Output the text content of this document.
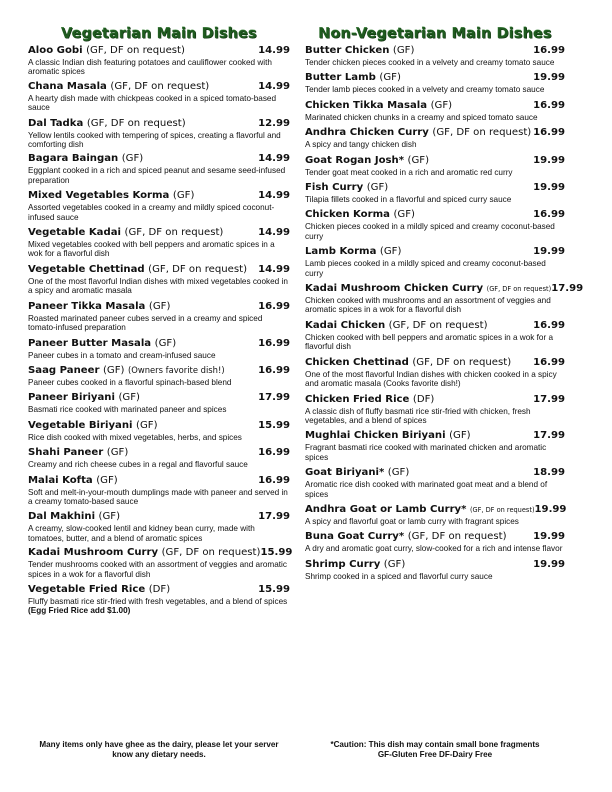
Vegetarian Main Dishes
Aloo Gobi (GF, DF on request)	14.99
A classic Indian dish featuring potatoes and cauliflower cooked with aromatic spices
Chana Masala (GF, DF on request)	14.99
A hearty dish made with chickpeas cooked in a spiced tomato-based sauce
Dal Tadka (GF, DF on request)	12.99
Yellow lentils cooked with tempering of spices, creating a flavorful and comforting dish
Bagara Baingan (GF)	14.99
Eggplant cooked in a rich and spiced peanut and sesame seed-infused preparation
Mixed Vegetables Korma (GF)	14.99
Assorted vegetables cooked in a creamy and mildly spiced coconut-infused sauce
Vegetable Kadai (GF, DF on request)	14.99
Mixed vegetables cooked with bell peppers and aromatic spices in a wok for a flavorful dish
Vegetable Chettinad (GF, DF on request) 14.99
One of the most flavorful Indian dishes with mixed vegetables cooked in a spicy and aromatic masala
Paneer Tikka Masala (GF)	16.99
Roasted marinated paneer cubes served in a creamy and spiced tomato-infused preparation
Paneer Butter Masala (GF)	16.99
Paneer cubes in a tomato and cream-infused sauce
Saag Paneer (GF) (Owners favorite dish!)	16.99
Paneer cubes cooked in a flavorful spinach-based blend
Paneer Biriyani (GF)	17.99
Basmati rice cooked with marinated paneer and spices
Vegetable Biriyani (GF)	15.99
Rice dish cooked with mixed vegetables, herbs, and spices
Shahi Paneer (GF)	16.99
Creamy and rich cheese cubes in a regal and flavorful sauce
Malai Kofta (GF)	16.99
Soft and melt-in-your-mouth dumplings made with paneer and served in a creamy tomato-based sauce
Dal Makhini (GF)	17.99
A creamy, slow-cooked lentil and kidney bean curry, made with tomatoes, butter, and a blend of aromatic spices
Kadai Mushroom Curry (GF, DF on request) 15.99
Tender mushrooms cooked with an assortment of veggies and aromatic spices in a wok for a flavorful dish
Vegetable Fried Rice (DF)	15.99
Fluffy basmati rice stir-fried with fresh vegetables, and a blend of spices (Egg Fried Rice add $1.00)
Non-Vegetarian Main Dishes
Butter Chicken (GF)	16.99
Tender chicken pieces cooked in a velvety and creamy tomato sauce
Butter Lamb (GF)	19.99
Tender lamb pieces cooked in a velvety and creamy tomato sauce
Chicken Tikka Masala (GF)	16.99
Marinated chicken chunks in a creamy and spiced tomato sauce
Andhra Chicken Curry (GF, DF on request) 16.99
A spicy and tangy chicken dish
Goat Rogan Josh* (GF)	19.99
Tender goat meat cooked in a rich and aromatic red curry
Fish Curry (GF)	19.99
Tilapia fillets cooked in a flavorful and spiced curry sauce
Chicken Korma (GF)	16.99
Chicken pieces cooked in a mildly spiced and creamy coconut-based curry
Lamb Korma (GF)	19.99
Lamb pieces cooked in a mildly spiced and creamy coconut-based curry
Kadai Mushroom Chicken Curry (GF, DF on request) 17.99
Chicken cooked with mushrooms and an assortment of veggies and aromatic spices in a wok for a flavorful dish
Kadai Chicken (GF, DF on request)	16.99
Chicken cooked with bell peppers and aromatic spices in a wok for a flavorful dish
Chicken Chettinad (GF, DF on request) 16.99
One of the most flavorful Indian dishes with chicken cooked in a spicy and aromatic masala (Cooks favorite dish!)
Chicken Fried Rice (DF)	17.99
A classic dish of fluffy basmati rice stir-fried with chicken, fresh vegetables, and a blend of spices
Mughlai Chicken Biriyani (GF)	17.99
Fragrant basmati rice cooked with marinated chicken and aromatic spices
Goat Biriyani* (GF)	18.99
Aromatic rice dish cooked with marinated goat meat and a blend of spices
Andhra Goat or Lamb Curry* (GF, DF on request) 19.99
A spicy and flavorful goat or lamb curry with fragrant spices
Buna Goat Curry* (GF, DF on request)	19.99
A dry and aromatic goat curry, slow-cooked for a rich and intense flavor
Shrimp Curry (GF)	19.99
Shrimp cooked in a spiced and flavorful curry sauce
Many items only have ghee as the dairy, please let your server know any dietary needs.
*Caution: This dish may contain small bone fragments
GF-Gluten Free DF-Dairy Free
